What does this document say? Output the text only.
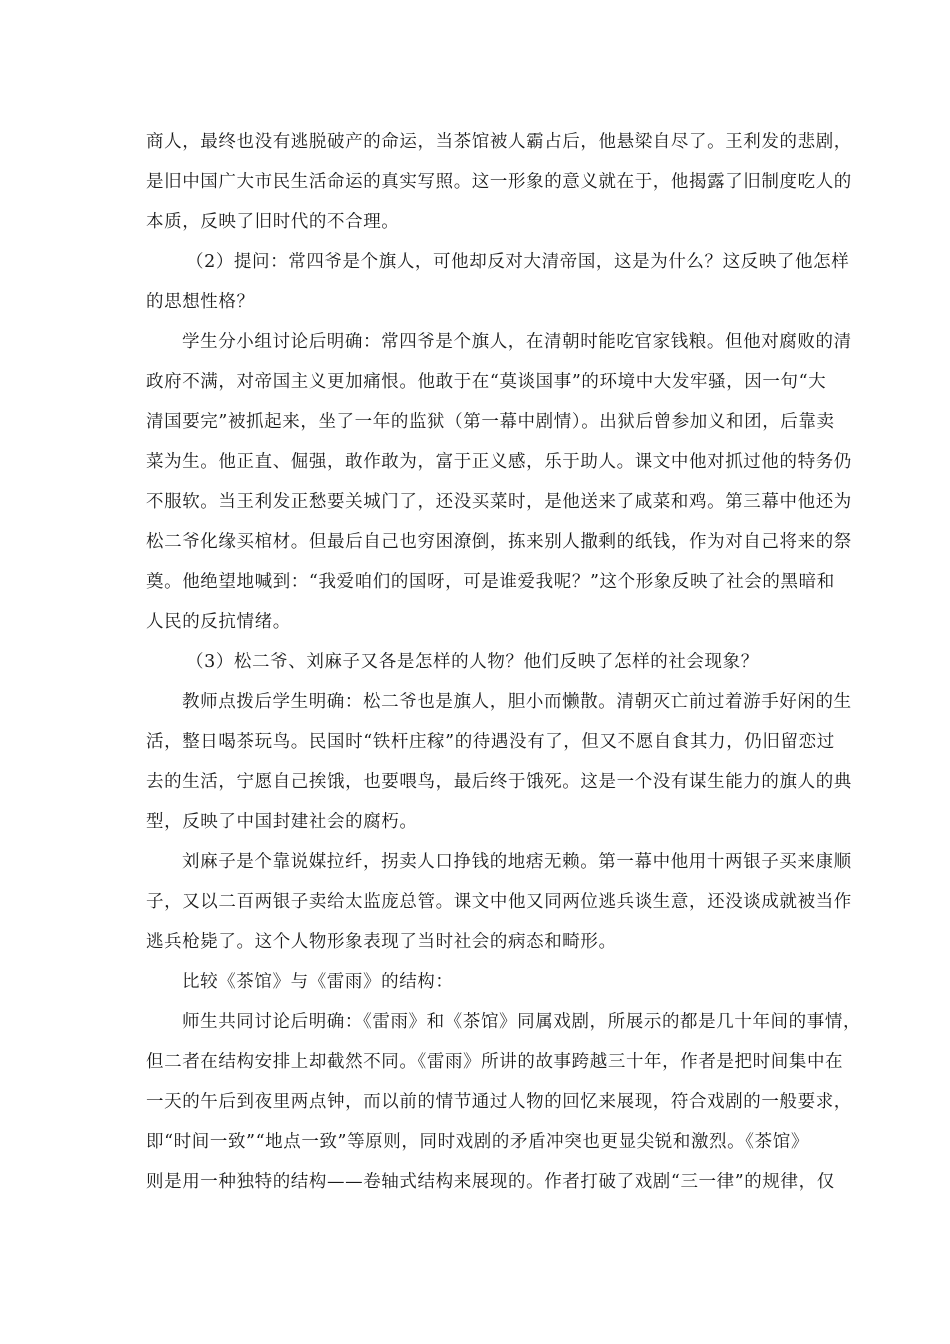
商人，最终也没有逃脱破产的命运，当茶馆被人霸占后，他悬梁自尽了。王利发的悲剧，
是旧中国广大市民生活命运的真实写照。这一形象的意义就在于，他揭露了旧制度吃人的
本质，反映了旧时代的不合理。
（2）提问：常四爷是个旗人，可他却反对大清帝国，这是为什么？这反映了他怎样
的思想性格？
学生分小组讨论后明确：常四爷是个旗人，在清朝时能吃官家钱粮。但他对腐败的清
政府不满，对帝国主义更加痛恨。他敢于在“莫谈国事”的环境中大发牢骚，因一句“大
清国要完”被抓起来，坐了一年的监狱（第一幕中剧情）。出狱后曾参加义和团，后靠卖
菜为生。他正直、倔强，敢作敢为，富于正义感，乐于助人。课文中他对抓过他的特务仍
不服软。当王利发正愁要关城门了，还没买菜时，是他送来了咸菜和鸡。第三幕中他还为
松二爷化缘买棺材。但最后自己也穷困潦倒，拣来别人撒剩的纸钱，作为对自己将来的祭
奠。他绝望地喊到：“我爱咱们的国呀，可是谁爱我呢？”这个形象反映了社会的黑暗和
人民的反抗情绪。
（3）松二爷、刘麻子又各是怎样的人物？他们反映了怎样的社会现象？
教师点拨后学生明确：松二爷也是旗人，胆小而懒散。清朝灭亡前过着游手好闲的生
活，整日喝茶玩鸟。民国时“铁杆庄稼”的待遇没有了，但又不愿自食其力，仍旧留恋过
去的生活，宁愿自己挨饿，也要喂鸟，最后终于饿死。这是一个没有谋生能力的旗人的典
型，反映了中国封建社会的腐朽。
刘麻子是个靠说媒拉纤，拐卖人口挣钱的地痞无赖。第一幕中他用十两银子买来康顺
子，又以二百两银子卖给太监庞总管。课文中他又同两位逃兵谈生意，还没谈成就被当作
逃兵枪毙了。这个人物形象表现了当时社会的病态和畸形。
比较《茶馆》与《雷雨》的结构：
师生共同讨论后明确：《雷雨》和《茶馆》同属戏剧，所展示的都是几十年间的事情，
但二者在结构安排上却截然不同。《雷雨》所讲的故事跨越三十年，作者是把时间集中在
一天的午后到夜里两点钟，而以前的情节通过人物的回忆来展现，符合戏剧的一般要求，
即“时间一致”“地点一致”等原则，同时戏剧的矛盾冲突也更显尖锐和激烈。《茶馆》
则是用一种独特的结构——卷轴式结构来展现的。作者打破了戏剧“三一律”的规律，仅
